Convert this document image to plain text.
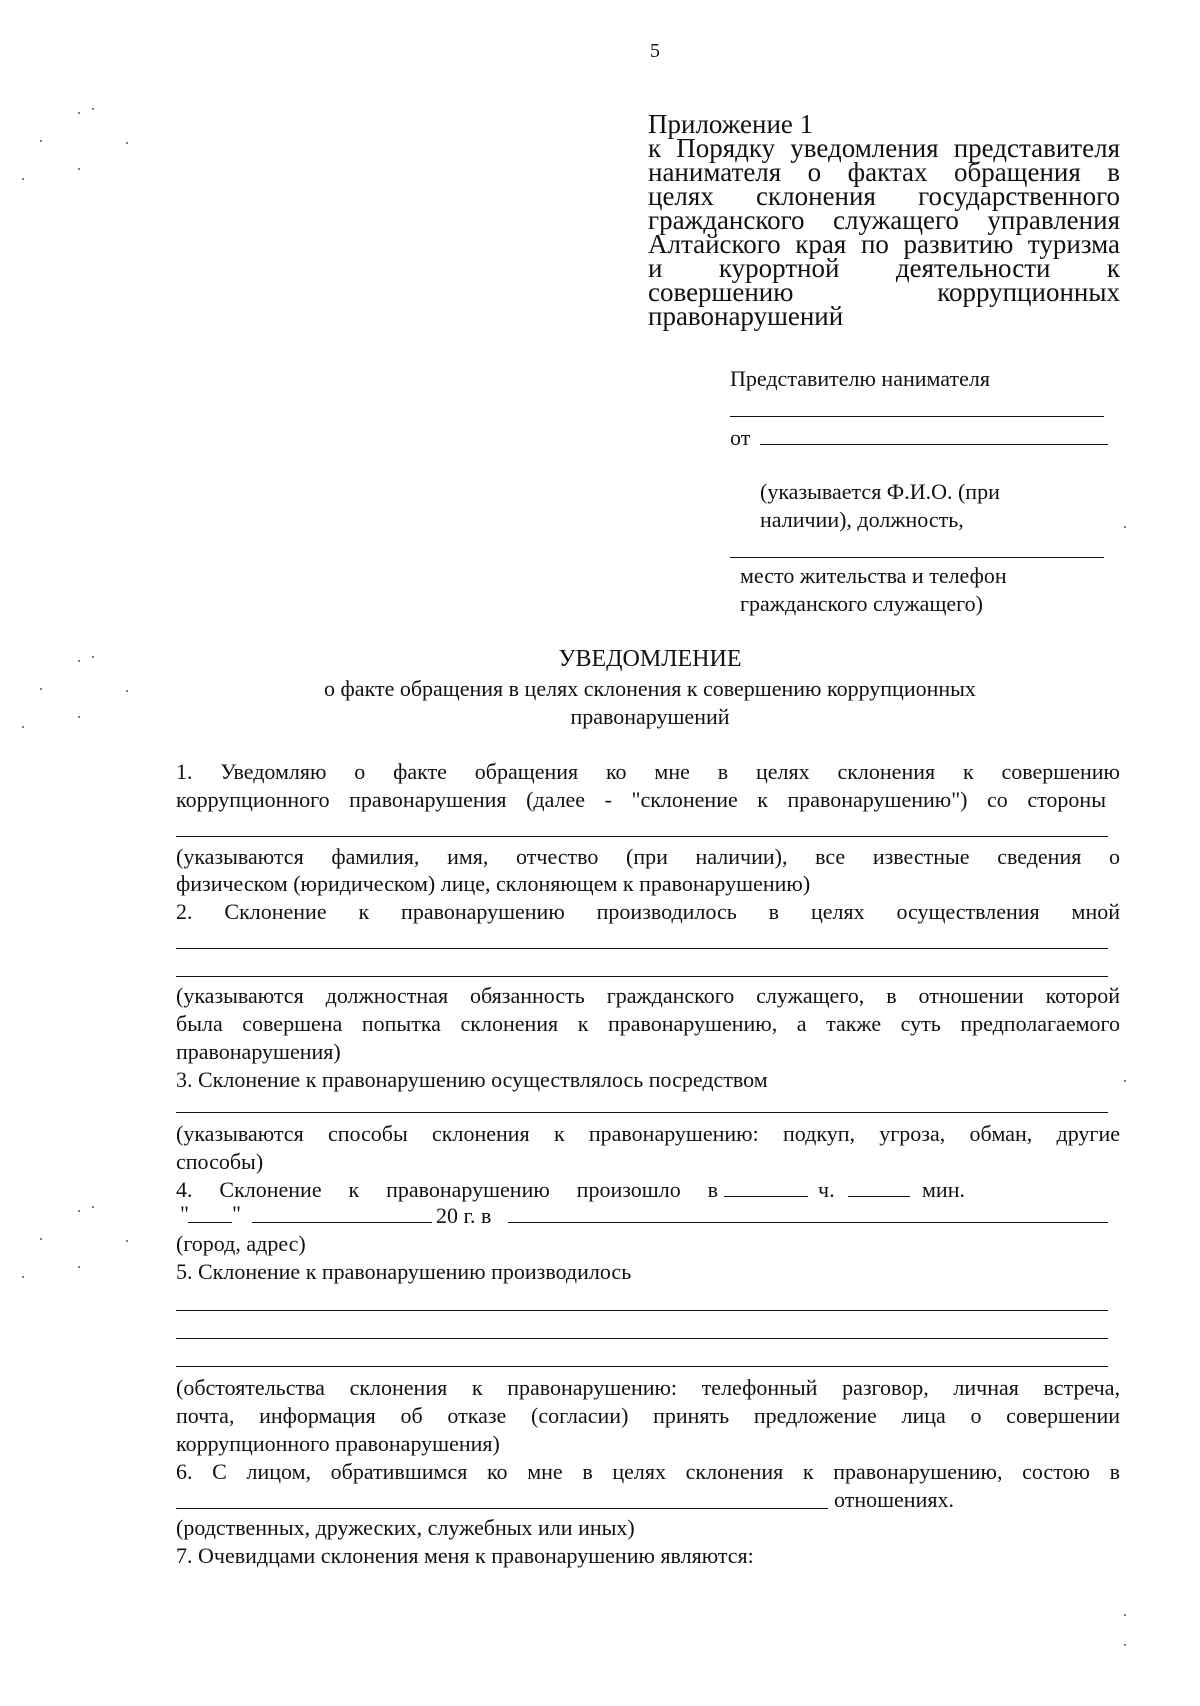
5
Приложение 1
к Порядку уведомления представителя
нанимателя о фактах обращения в
целях склонения государственного
гражданского служащего управления
Алтайского края по развитию туризма
и курортной деятельности к
совершению коррупционных
правонарушений
Представителю нанимателя
от
(указывается Ф.И.О. (при
наличии), должность,
место жительства и телефон
гражданского служащего)
УВЕДОМЛЕНИЕ
о факте обращения в целях склонения к совершению коррупционных
правонарушений
1. Уведомляю о факте обращения ко мне в целях склонения к совершению
коррупционного правонарушения (далее - "склонение к правонарушению") со стороны
(указываются фамилия, имя, отчество (при наличии), все известные сведения о
физическом (юридическом) лице, склоняющем к правонарушению)
2. Склонение к правонарушению производилось в целях осуществления мной
(указываются должностная обязанность гражданского служащего, в отношении которой
была совершена попытка склонения к правонарушению, а также суть предполагаемого
правонарушения)
3. Склонение к правонарушению осуществлялось посредством
(указываются способы склонения к правонарушению: подкуп, угроза, обман, другие
способы)
4. Склонение к правонарушению произошло в	ч.	мин.
" "	20 г. в
(город, адрес)
5. Склонение к правонарушению производилось
(обстоятельства склонения к правонарушению: телефонный разговор, личная встреча,
почта, информация об отказе (согласии) принять предложение лица о совершении
коррупционного правонарушения)
6. С лицом, обратившимся ко мне в целях склонения к правонарушению, состою в
отношениях.
(родственных, дружеских, служебных или иных)
7. Очевидцами склонения меня к правонарушению являются:
